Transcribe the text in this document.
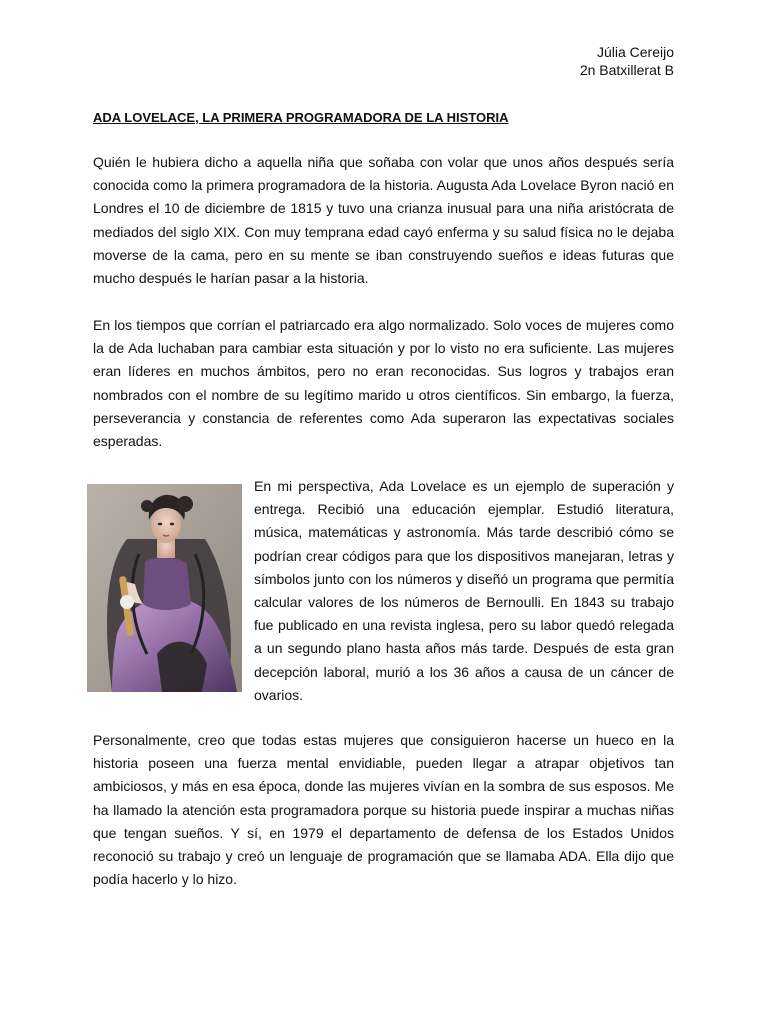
Júlia Cereijo
2n Batxillerat B
ADA LOVELACE, LA PRIMERA PROGRAMADORA DE LA HISTORIA

Quién le hubiera dicho a aquella niña que soñaba con volar que unos años después sería conocida como la primera programadora de la historia. Augusta Ada Lovelace Byron nació en Londres el 10 de diciembre de 1815 y tuvo una crianza inusual para una niña aristócrata de mediados del siglo XIX. Con muy temprana edad cayó enferma y su salud física no le dejaba moverse de la cama, pero en su mente se iban construyendo sueños e ideas futuras que mucho después le harían pasar a la historia.

En los tiempos que corrían el patriarcado era algo normalizado. Solo voces de mujeres como la de Ada luchaban para cambiar esta situación y por lo visto no era suficiente. Las mujeres eran líderes en muchos ámbitos, pero no eran reconocidas. Sus logros y trabajos eran nombrados con el nombre de su legítimo marido u otros científicos. Sin embargo, la fuerza, perseverancia y constancia de referentes como Ada superaron las expectativas sociales esperadas.

En mi perspectiva, Ada Lovelace es un ejemplo de superación y entrega. Recibió una educación ejemplar. Estudió literatura, música, matemáticas y astronomía. Más tarde describió cómo se podrían crear códigos para que los dispositivos manejaran, letras y símbolos junto con los números y diseñó un programa que permitía calcular valores de los números de Bernoulli. En 1843 su trabajo fue publicado en una revista inglesa, pero su labor quedó relegada a un segundo plano hasta años más tarde. Después de esta gran decepción laboral, murió a los 36 años a causa de un cáncer de ovarios.

Personalmente, creo que todas estas mujeres que consiguieron hacerse un hueco en la historia poseen una fuerza mental envidiable, pueden llegar a atrapar objetivos tan ambiciosos, y más en esa época, donde las mujeres vivían en la sombra de sus esposos. Me ha llamado la atención esta programadora porque su historia puede inspirar a muchas niñas que tengan sueños. Y sí, en 1979 el departamento de defensa de los Estados Unidos reconoció su trabajo y creó un lenguaje de programación que se llamaba ADA. Ella dijo que podía hacerlo y lo hizo.
